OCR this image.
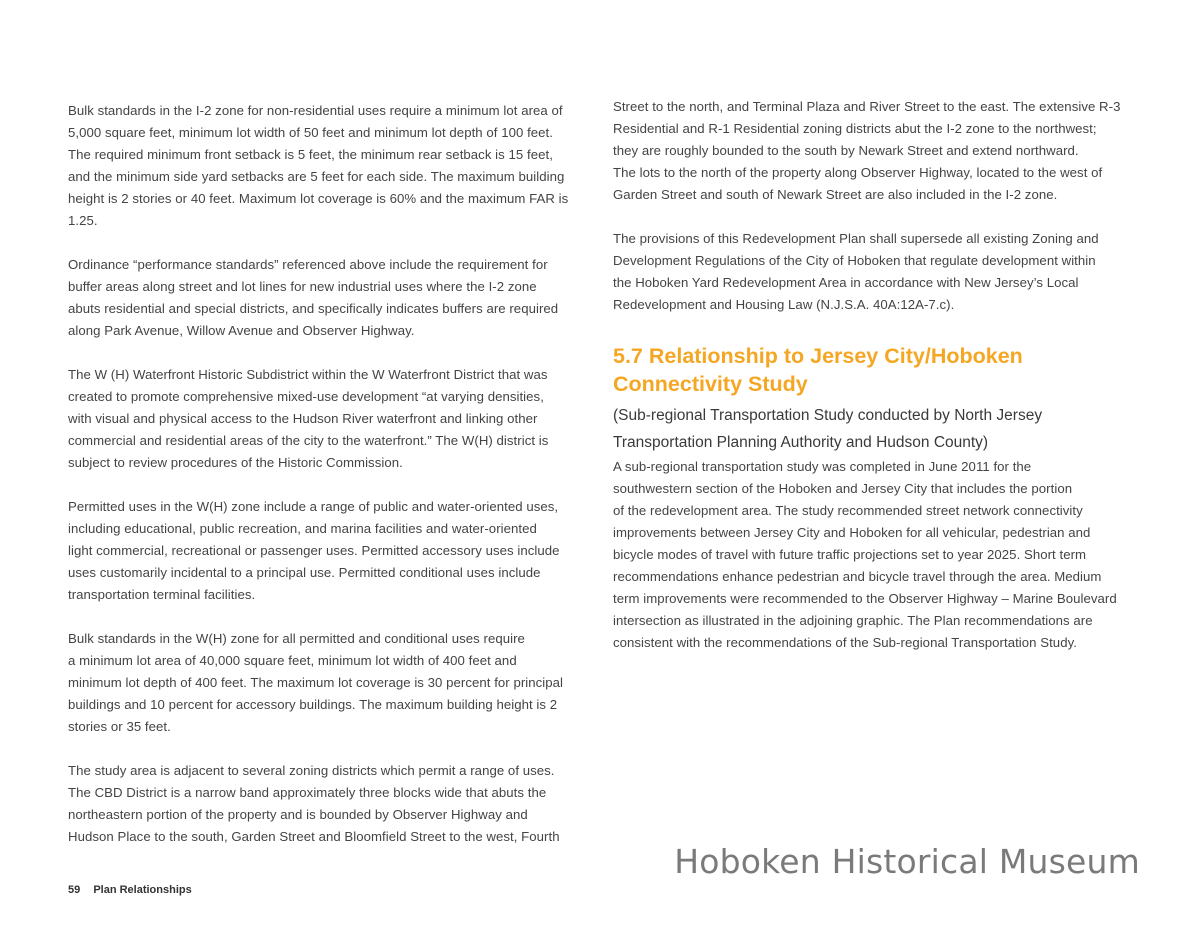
Bulk standards in the I-2 zone for non-residential uses require a minimum lot area of
5,000 square feet, minimum lot width of 50 feet and minimum lot depth of 100 feet.
The required minimum front setback is 5 feet, the minimum rear setback is 15 feet,
and the minimum side yard setbacks are 5 feet for each side. The maximum building
height is 2 stories or 40 feet. Maximum lot coverage is 60% and the maximum FAR is
1.25.

Ordinance “performance standards” referenced above include the requirement for
buffer areas along street and lot lines for new industrial uses where the I-2 zone
abuts residential and special districts, and specifically indicates buffers are required
along Park Avenue, Willow Avenue and Observer Highway.

The W (H) Waterfront Historic Subdistrict within the W Waterfront District that was
created to promote comprehensive mixed-use development “at varying densities,
with visual and physical access to the Hudson River waterfront and linking other
commercial and residential areas of the city to the waterfront.” The W(H) district is
subject to review procedures of the Historic Commission.

Permitted uses in the W(H) zone include a range of public and water-oriented uses,
including educational, public recreation, and marina facilities and water-oriented
light commercial, recreational or passenger uses. Permitted accessory uses include
uses customarily incidental to a principal use. Permitted conditional uses include
transportation terminal facilities.

Bulk standards in the W(H) zone for all permitted and conditional uses require
a minimum lot area of 40,000 square feet, minimum lot width of 400 feet and
minimum lot depth of 400 feet. The maximum lot coverage is 30 percent for principal
buildings and 10 percent for accessory buildings. The maximum building height is 2
stories or 35 feet.

The study area is adjacent to several zoning districts which permit a range of uses.
The CBD District is a narrow band approximately three blocks wide that abuts the
northeastern portion of the property and is bounded by Observer Highway and
Hudson Place to the south, Garden Street and Bloomfield Street to the west, Fourth

Street to the north, and Terminal Plaza and River Street to the east. The extensive R-3
Residential and R-1 Residential zoning districts abut the I-2 zone to the northwest;
they are roughly bounded to the south by Newark Street and extend northward.
The lots to the north of the property along Observer Highway, located to the west of
Garden Street and south of Newark Street are also included in the I-2 zone.

The provisions of this Redevelopment Plan shall supersede all existing Zoning and
Development Regulations of the City of Hoboken that regulate development within
the Hoboken Yard Redevelopment Area in accordance with New Jersey’s Local
Redevelopment and Housing Law (N.J.S.A. 40A:12A-7.c).

5.7 Relationship to Jersey City/Hoboken
Connectivity Study

(Sub-regional Transportation Study conducted by North Jersey
Transportation Planning Authority and Hudson County)

A sub-regional transportation study was completed in June 2011 for the
southwestern section of the Hoboken and Jersey City that includes the portion
of the redevelopment area. The study recommended street network connectivity
improvements between Jersey City and Hoboken for all vehicular, pedestrian and
bicycle modes of travel with future traffic projections set to year 2025. Short term
recommendations enhance pedestrian and bicycle travel through the area. Medium
term improvements were recommended to the Observer Highway – Marine Boulevard
intersection as illustrated in the adjoining graphic. The Plan recommendations are
consistent with the recommendations of the Sub-regional Transportation Study.

59 Plan Relationships
Hoboken Historical Museum
